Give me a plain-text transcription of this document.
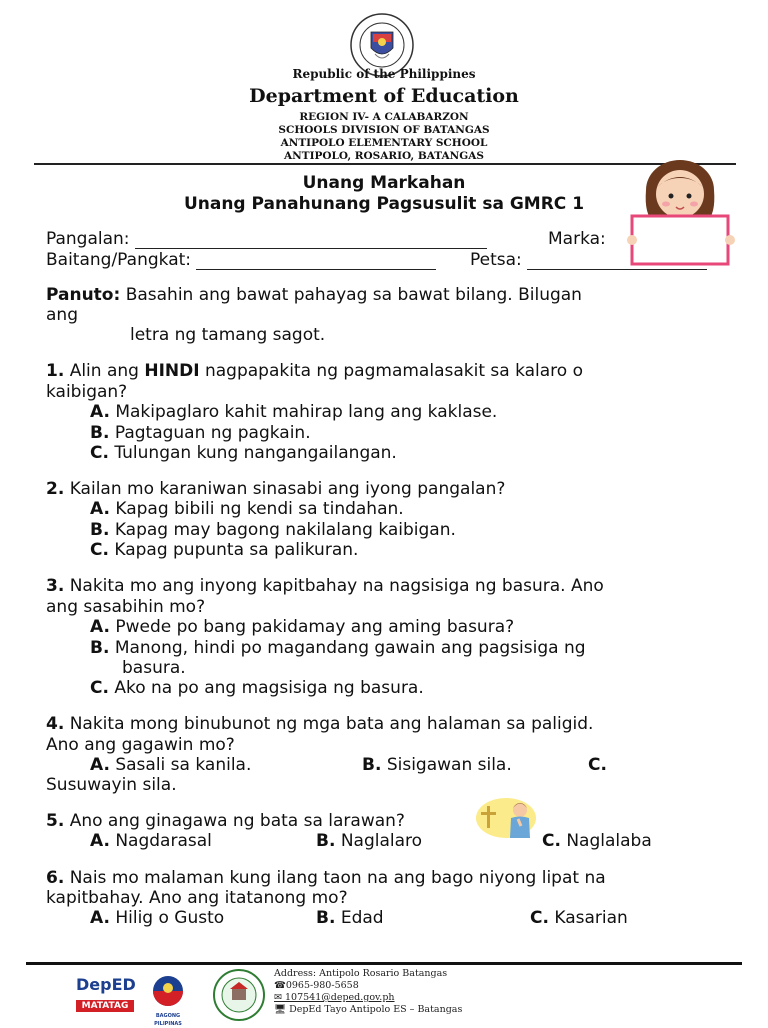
Republic of the Philippines
Department of Education
REGION IV- A CALABARZON
SCHOOLS DIVISION OF BATANGAS
ANTIPOLO ELEMENTARY SCHOOL
ANTIPOLO, ROSARIO, BATANGAS
Unang Markahan
Unang Panahunang Pagsusulit sa GMRC 1
Pangalan:	Marka:
Baitang/Pangkat:	Petsa:
Panuto: Basahin ang bawat pahayag sa bawat bilang. Bilugan
ang
letra ng tamang sagot.
1. Alin ang HINDI nagpapakita ng pagmamalasakit sa kalaro o
kaibigan?
A. Makipaglaro kahit mahirap lang ang kaklase.
B. Pagtaguan ng pagkain.
C. Tulungan kung nangangailangan.
2. Kailan mo karaniwan sinasabi ang iyong pangalan?
A. Kapag bibili ng kendi sa tindahan.
B. Kapag may bagong nakilalang kaibigan.
C. Kapag pupunta sa palikuran.
3. Nakita mo ang inyong kapitbahay na nagsisiga ng basura. Ano
ang sasabihin mo?
A. Pwede po bang pakidamay ang aming basura?
B. Manong, hindi po magandang gawain ang pagsisiga ng
basura.
C. Ako na po ang magsisiga ng basura.
4. Nakita mong binubunot ng mga bata ang halaman sa paligid.
Ano ang gagawin mo?
A. Sasali sa kanila.	B. Sisigawan sila.	C.
Susuwayin sila.
5. Ano ang ginagawa ng bata sa larawan?
A. Nagdarasal	B. Naglalaro	C. Naglalaba
6. Nais mo malaman kung ilang taon na ang bago niyong lipat na
kapitbahay. Ano ang itatanong mo?
A. Hilig o Gusto	B. Edad	C. Kasarian
DepED
MATATAG
BAGONG PILIPINAS
Address: Antipolo Rosario Batangas
☎0965-980-5658
✉ 107541@deped.gov.ph
🖥 DepEd Tayo Antipolo ES – Batangas
